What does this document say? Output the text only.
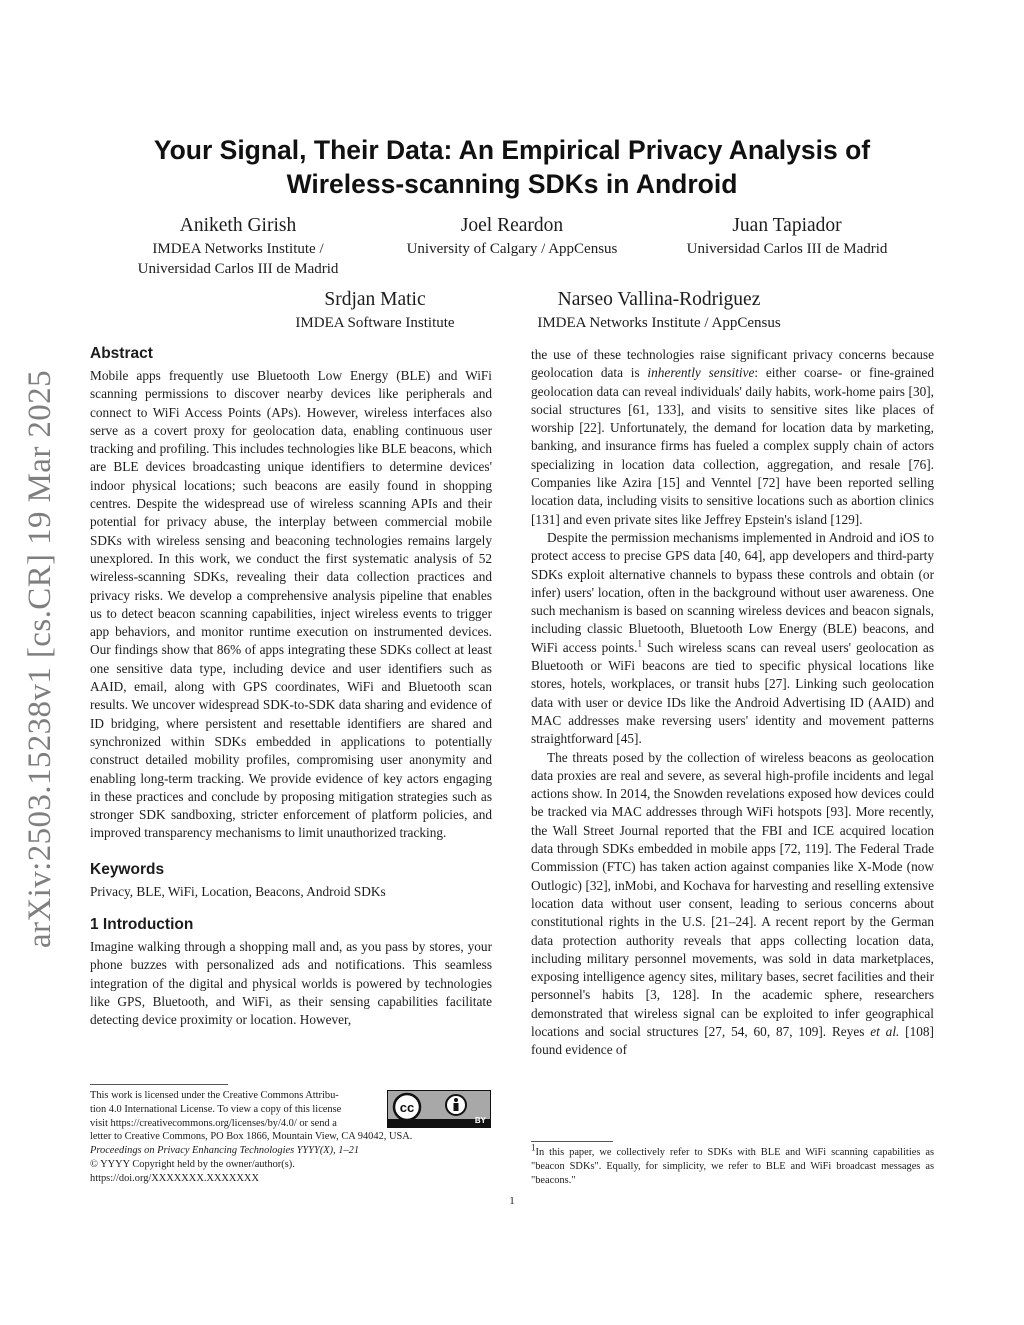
arXiv:2503.15238v1 [cs.CR] 19 Mar 2025
Your Signal, Their Data: An Empirical Privacy Analysis of
Wireless-scanning SDKs in Android
Aniketh Girish
IMDEA Networks Institute /
Universidad Carlos III de Madrid
Joel Reardon
University of Calgary / AppCensus
Juan Tapiador
Universidad Carlos III de Madrid
Srdjan Matic
IMDEA Software Institute
Narseo Vallina-Rodriguez
IMDEA Networks Institute / AppCensus
Abstract

Mobile apps frequently use Bluetooth Low Energy (BLE) and WiFi scanning permissions to discover nearby devices like peripherals and connect to WiFi Access Points (APs). However, wireless interfaces also serve as a covert proxy for geolocation data, enabling continuous user tracking and profiling. This includes technologies like BLE beacons, which are BLE devices broadcasting unique identifiers to determine devices' indoor physical locations; such beacons are easily found in shopping centres. Despite the widespread use of wireless scanning APIs and their potential for privacy abuse, the interplay between commercial mobile SDKs with wireless sensing and beaconing technologies remains largely unexplored. In this work, we conduct the first systematic analysis of 52 wireless-scanning SDKs, revealing their data collection practices and privacy risks. We develop a comprehensive analysis pipeline that enables us to detect beacon scanning capabilities, inject wireless events to trigger app behaviors, and monitor runtime execution on instrumented devices. Our findings show that 86% of apps integrating these SDKs collect at least one sensitive data type, including device and user identifiers such as AAID, email, along with GPS coordinates, WiFi and Bluetooth scan results. We uncover widespread SDK-to-SDK data sharing and evidence of ID bridging, where persistent and resettable identifiers are shared and synchronized within SDKs embedded in applications to potentially construct detailed mobility profiles, compromising user anonymity and enabling long-term tracking. We provide evidence of key actors engaging in these practices and conclude by proposing mitigation strategies such as stronger SDK sandboxing, stricter enforcement of platform policies, and improved transparency mechanisms to limit unauthorized tracking.

Keywords

Privacy, BLE, WiFi, Location, Beacons, Android SDKs

1 Introduction

Imagine walking through a shopping mall and, as you pass by stores, your phone buzzes with personalized ads and notifications. This seamless integration of the digital and physical worlds is powered by technologies like GPS, Bluetooth, and WiFi, as their sensing capabilities facilitate detecting device proximity or location. However,

This work is licensed under the Creative Commons Attribu-

tion 4.0 International License. To view a copy of this license

visit https://creativecommons.org/licenses/by/4.0/ or send a

letter to Creative Commons, PO Box 1866, Mountain View, CA 94042, USA.

Proceedings on Privacy Enhancing Technologies YYYY(X), 1–21

© YYYY Copyright held by the owner/author(s).

https://doi.org/XXXXXXX.XXXXXXX

cc
BY

the use of these technologies raise significant privacy concerns because geolocation data is inherently sensitive: either coarse- or fine-grained geolocation data can reveal individuals' daily habits, work-home pairs [30], social structures [61, 133], and visits to sensitive sites like places of worship [22]. Unfortunately, the demand for location data by marketing, banking, and insurance firms has fueled a complex supply chain of actors specializing in location data collection, aggregation, and resale [76]. Companies like Azira [15] and Venntel [72] have been reported selling location data, including visits to sensitive locations such as abortion clinics [131] and even private sites like Jeffrey Epstein's island [129].

Despite the permission mechanisms implemented in Android and iOS to protect access to precise GPS data [40, 64], app developers and third-party SDKs exploit alternative channels to bypass these controls and obtain (or infer) users' location, often in the background without user awareness. One such mechanism is based on scanning wireless devices and beacon signals, including classic Bluetooth, Bluetooth Low Energy (BLE) beacons, and WiFi access points.$^1$ Such wireless scans can reveal users' geolocation as Bluetooth or WiFi beacons are tied to specific physical locations like stores, hotels, workplaces, or transit hubs [27]. Linking such geolocation data with user or device IDs like the Android Advertising ID (AAID) and MAC addresses make reversing users' identity and movement patterns straightforward [45].

The threats posed by the collection of wireless beacons as geolocation data proxies are real and severe, as several high-profile incidents and legal actions show. In 2014, the Snowden revelations exposed how devices could be tracked via MAC addresses through WiFi hotspots [93]. More recently, the Wall Street Journal reported that the FBI and ICE acquired location data through SDKs embedded in mobile apps [72, 119]. The Federal Trade Commission (FTC) has taken action against companies like X-Mode (now Outlogic) [32], inMobi, and Kochava for harvesting and reselling extensive location data without user consent, leading to serious concerns about constitutional rights in the U.S. [21–24]. A recent report by the German data protection authority reveals that apps collecting location data, including military personnel movements, was sold in data marketplaces, exposing intelligence agency sites, military bases, secret facilities and their personnel's habits [3, 128]. In the academic sphere, researchers demonstrated that wireless signal can be exploited to infer geographical locations and social structures [27, 54, 60, 87, 109]. Reyes et al. [108] found evidence of

1In this paper, we collectively refer to SDKs with BLE and WiFi scanning capabilities as "beacon SDKs". Equally, for simplicity, we refer to BLE and WiFi broadcast messages as "beacons."

1
